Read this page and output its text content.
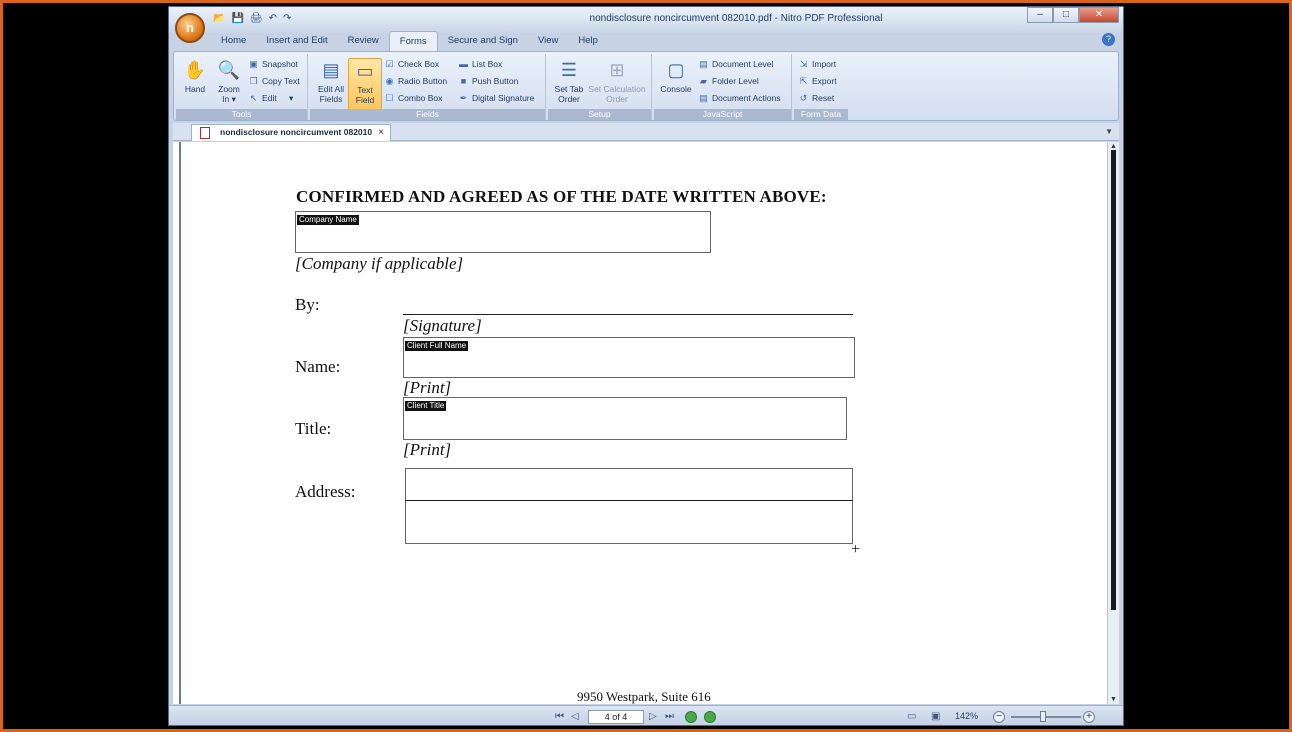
nondisclosure noncircumvent 082010.pdf - Nitro PDF Professional
📂 💾 🖨 ↶ ↷	–	□	✕
n
Home	Insert and Edit	Review	Forms	Secure and Sign	View	Help	?
✋
Hand
🔍
Zoom
In ▾
▣ Snapshot
❐ Copy Text
↖ Edit ▾
Tools
▤
Edit All
Fields
▭
Text
Field
☑ Check Box
◉ Radio Button
☐ Combo Box
▬ List Box
■ Push Button
✒ Digital Signature
Fields
☰
Set Tab
Order
⊞
Set Calculation
Order
Setup
▢
Console
▤ Document Level
▰ Folder Level
▤ Document Actions
JavaScript
⇲ Import
⇱ Export
↺ Reset
Form Data
nondisclosure noncircumvent 082010 ×	▼
CONFIRMED AND AGREED AS OF THE DATE WRITTEN ABOVE:
Company Name
[Company if applicable]
By:
[Signature]
Name:
Client Full Name
[Print]
Title:
Client Title
[Print]
Address:
+
9950 Westpark, Suite 616
▲
▼
⏮ ◁	4 of 4	▷ ⏭	▭ ▣ 142%	−	+
